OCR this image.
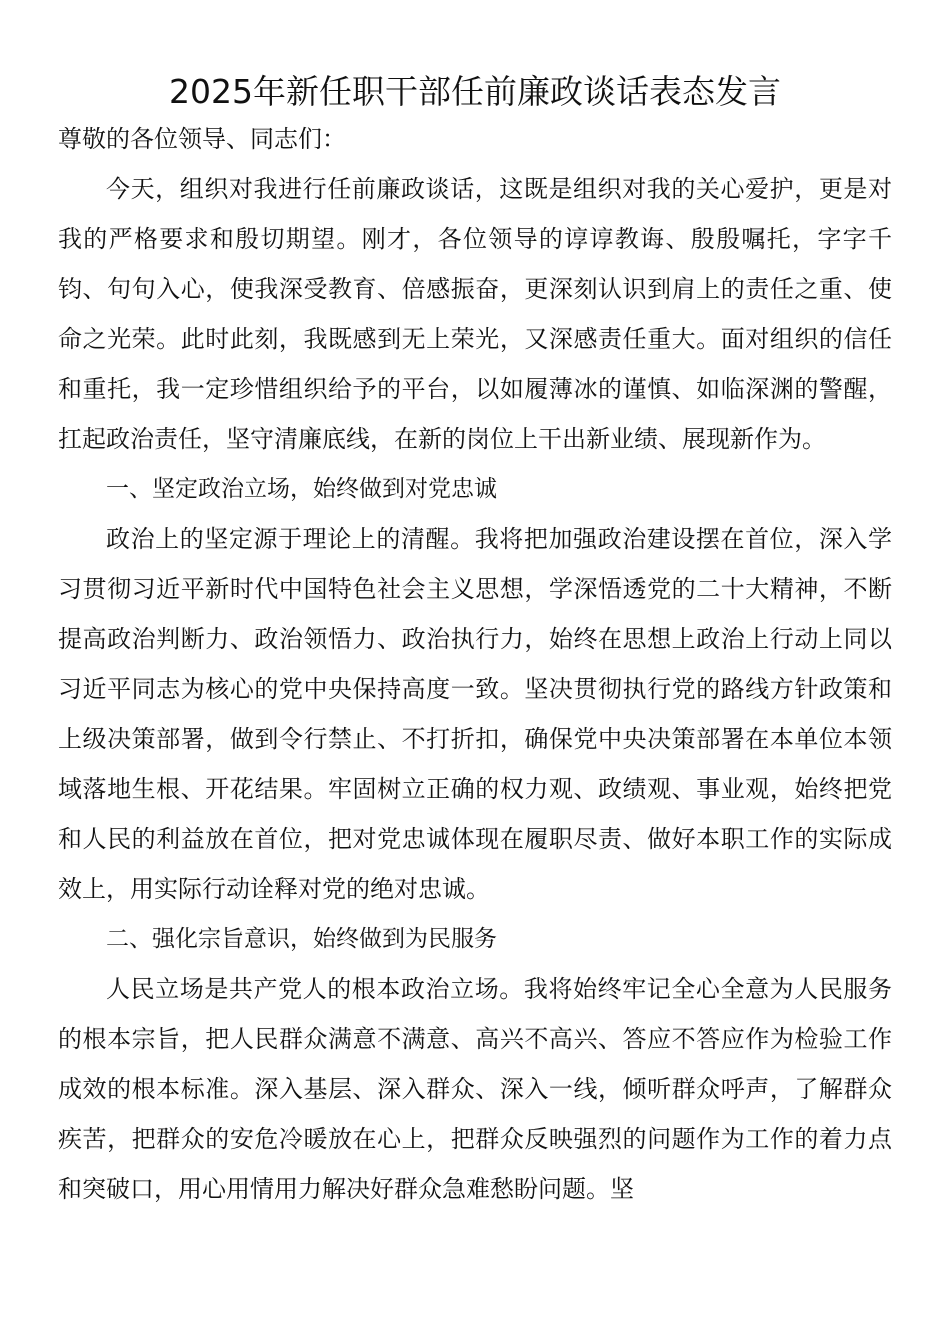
2025年新任职干部任前廉政谈话表态发言

尊敬的各位领导、同志们：

今天，组织对我进行任前廉政谈话，这既是组织对我的关心爱护，更是对我的严格要求和殷切期望。刚才，各位领导的谆谆教诲、殷殷嘱托，字字千钧、句句入心，使我深受教育、倍感振奋，更深刻认识到肩上的责任之重、使命之光荣。此时此刻，我既感到无上荣光，又深感责任重大。面对组织的信任和重托，我一定珍惜组织给予的平台，以如履薄冰的谨慎、如临深渊的警醒，扛起政治责任，坚守清廉底线，在新的岗位上干出新业绩、展现新作为。

一、坚定政治立场，始终做到对党忠诚

政治上的坚定源于理论上的清醒。我将把加强政治建设摆在首位，深入学习贯彻习近平新时代中国特色社会主义思想，学深悟透党的二十大精神，不断提高政治判断力、政治领悟力、政治执行力，始终在思想上政治上行动上同以习近平同志为核心的党中央保持高度一致。坚决贯彻执行党的路线方针政策和上级决策部署，做到令行禁止、不打折扣，确保党中央决策部署在本单位本领域落地生根、开花结果。牢固树立正确的权力观、政绩观、事业观，始终把党和人民的利益放在首位，把对党忠诚体现在履职尽责、做好本职工作的实际成效上，用实际行动诠释对党的绝对忠诚。

二、强化宗旨意识，始终做到为民服务

人民立场是共产党人的根本政治立场。我将始终牢记全心全意为人民服务的根本宗旨，把人民群众满意不满意、高兴不高兴、答应不答应作为检验工作成效的根本标准。深入基层、深入群众、深入一线，倾听群众呼声，了解群众疾苦，把群众的安危冷暖放在心上，把群众反映强烈的问题作为工作的着力点和突破口，用心用情用力解决好群众急难愁盼问题。坚
